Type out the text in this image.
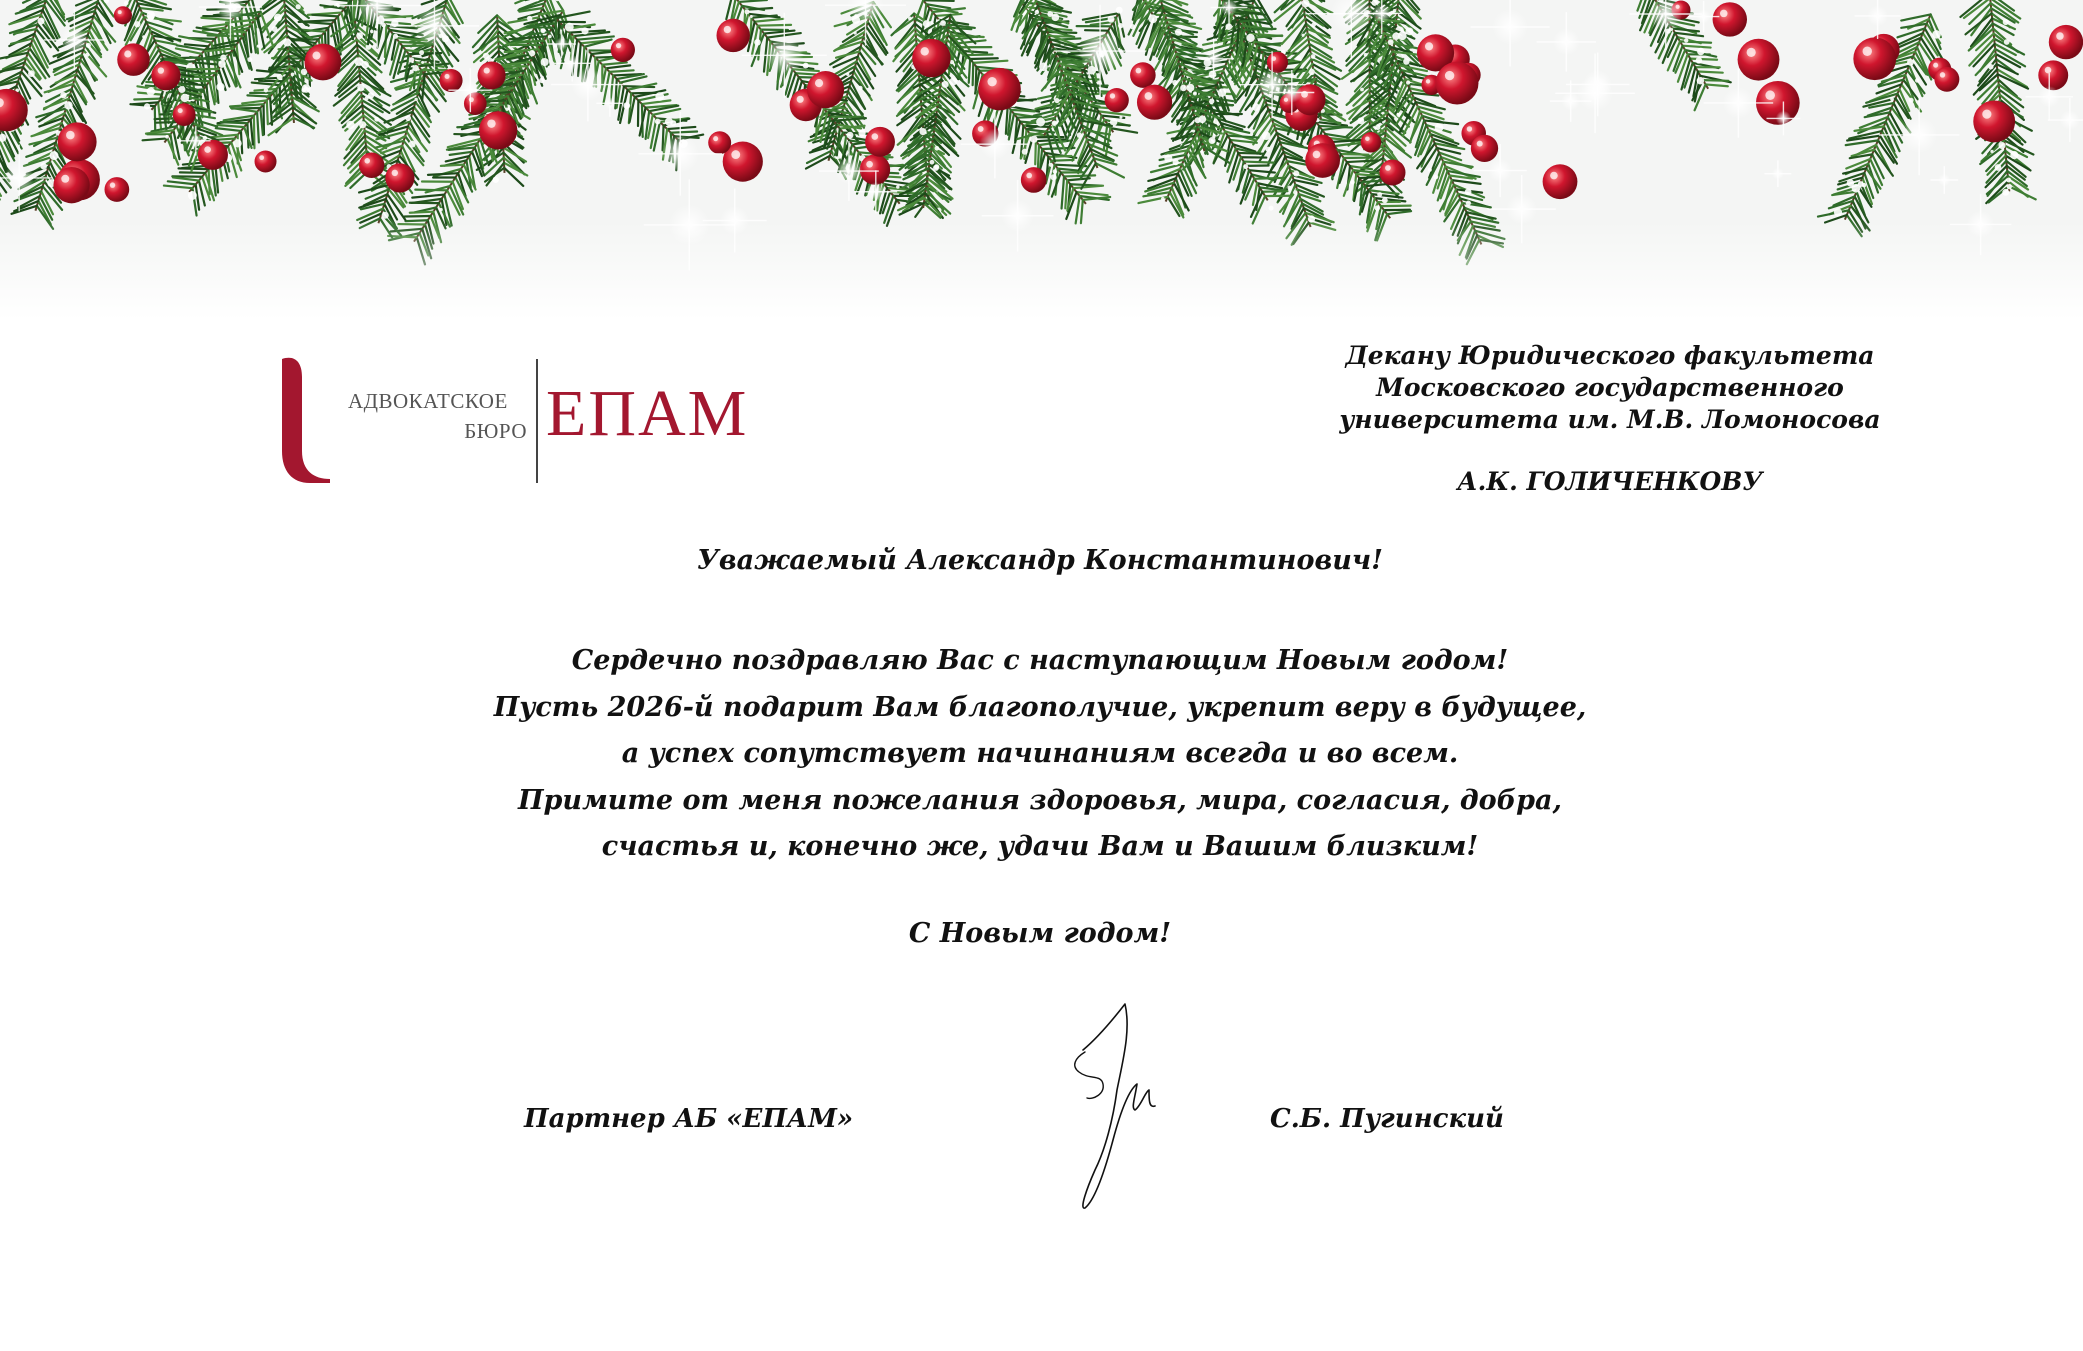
АДВОКАТСКОЕ
БЮРО ЕПАМ
Декану Юридического факультета
Московского государственного
университета им. М.В. Ломоносова
А.К. ГОЛИЧЕНКОВУ
Уважаемый Александр Константинович!
Сердечно поздравляю Вас с наступающим Новым годом!
Пусть 2026-й подарит Вам благополучие, укрепит веру в будущее,
а успех сопутствует начинаниям всегда и во всем.
Примите от меня пожелания здоровья, мира, согласия, добра,
счастья и, конечно же, удачи Вам и Вашим близким!
С Новым годом!
Партнер АБ «ЕПАМ»	С.Б. Пугинский
